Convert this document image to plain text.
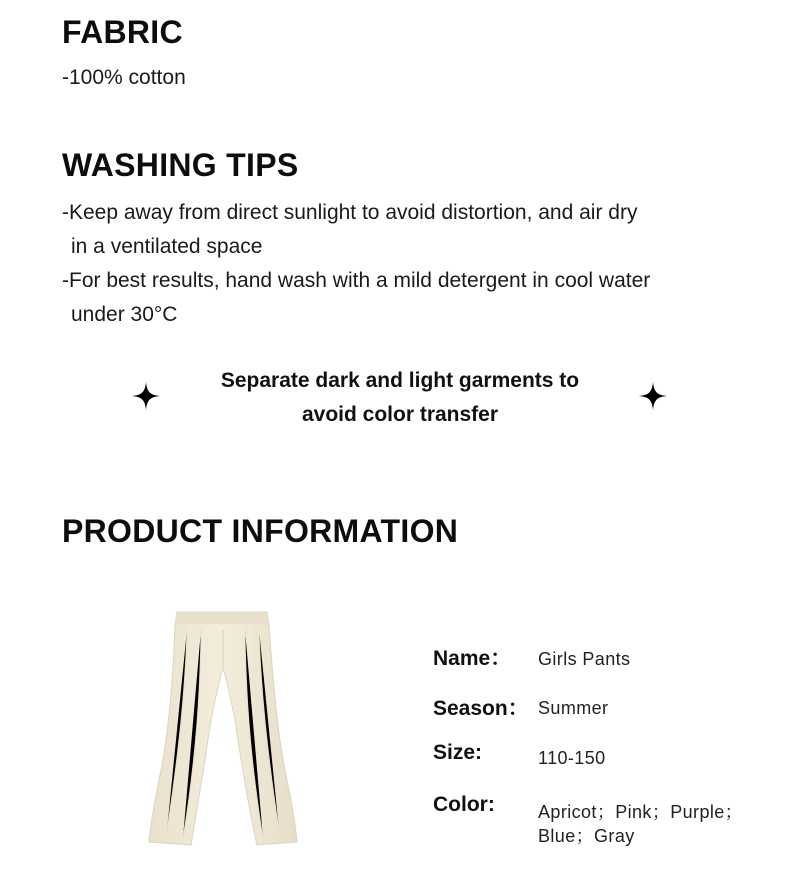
FABRIC
-100% cotton
WASHING TIPS
-Keep away from direct sunlight to avoid distortion, and air dry
in a ventilated space
-For best results, hand wash with a mild detergent in cool water
under 30°C
Separate dark and light garments to
avoid color transfer
PRODUCT INFORMATION
Name： Girls Pants
Season： Summer
Size:	110-150
Color: Apricot；Pink；Purple；
Blue；Gray
